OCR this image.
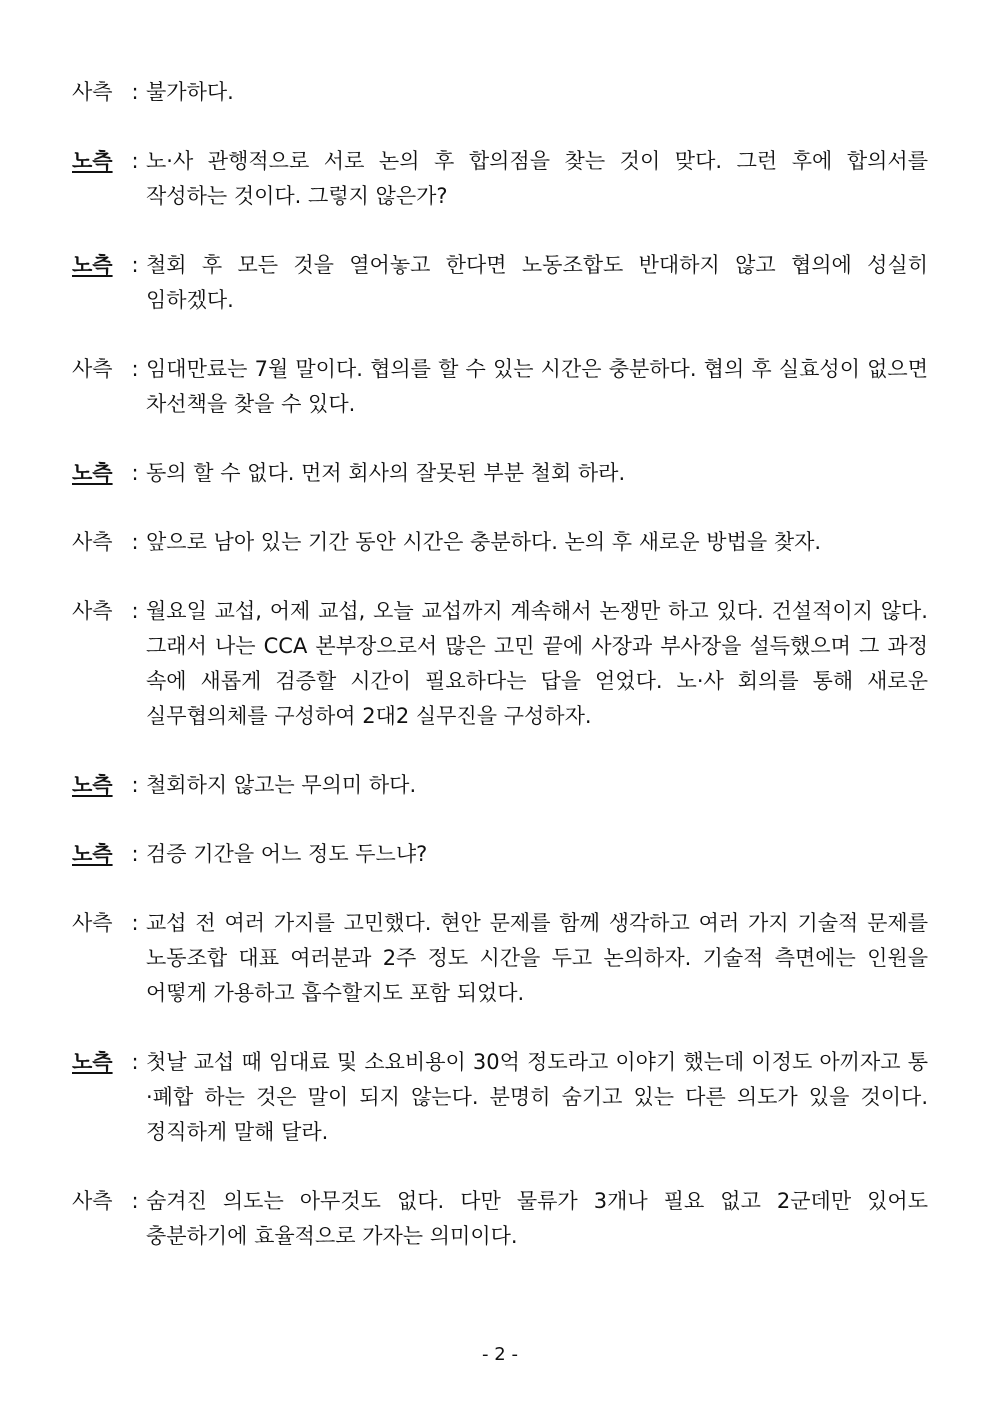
사측 : 불가하다.
노측 : 노·사 관행적으로 서로 논의 후 합의점을 찾는 것이 맞다. 그런 후에 합의서를 작성하는 것이다. 그렇지 않은가?
노측 : 철회 후 모든 것을 열어놓고 한다면 노동조합도 반대하지 않고 협의에 성실히 임하겠다.
사측 : 임대만료는 7월 말이다. 협의를 할 수 있는 시간은 충분하다. 협의 후 실효성이 없으면 차선책을 찾을 수 있다.
노측 : 동의 할 수 없다. 먼저 회사의 잘못된 부분 철회 하라.
사측 : 앞으로 남아 있는 기간 동안 시간은 충분하다. 논의 후 새로운 방법을 찾자.
사측 : 월요일 교섭, 어제 교섭, 오늘 교섭까지 계속해서 논쟁만 하고 있다. 건설적이지 않다. 그래서 나는 CCA 본부장으로서 많은 고민 끝에 사장과 부사장을 설득했으며 그 과정 속에 새롭게 검증할 시간이 필요하다는 답을 얻었다. 노·사 회의를 통해 새로운 실무협의체를 구성하여 2대2 실무진을 구성하자.
노측 : 철회하지 않고는 무의미 하다.
노측 : 검증 기간을 어느 정도 두느냐?
사측 : 교섭 전 여러 가지를 고민했다. 현안 문제를 함께 생각하고 여러 가지 기술적 문제를 노동조합 대표 여러분과 2주 정도 시간을 두고 논의하자. 기술적 측면에는 인원을 어떻게 가용하고 흡수할지도 포함 되었다.
노측 : 첫날 교섭 때 임대료 및 소요비용이 30억 정도라고 이야기 했는데 이정도 아끼자고 통·폐합 하는 것은 말이 되지 않는다. 분명히 숨기고 있는 다른 의도가 있을 것이다. 정직하게 말해 달라.
사측 : 숨겨진 의도는 아무것도 없다. 다만 물류가 3개나 필요 없고 2군데만 있어도 충분하기에 효율적으로 가자는 의미이다.
- 2 -
